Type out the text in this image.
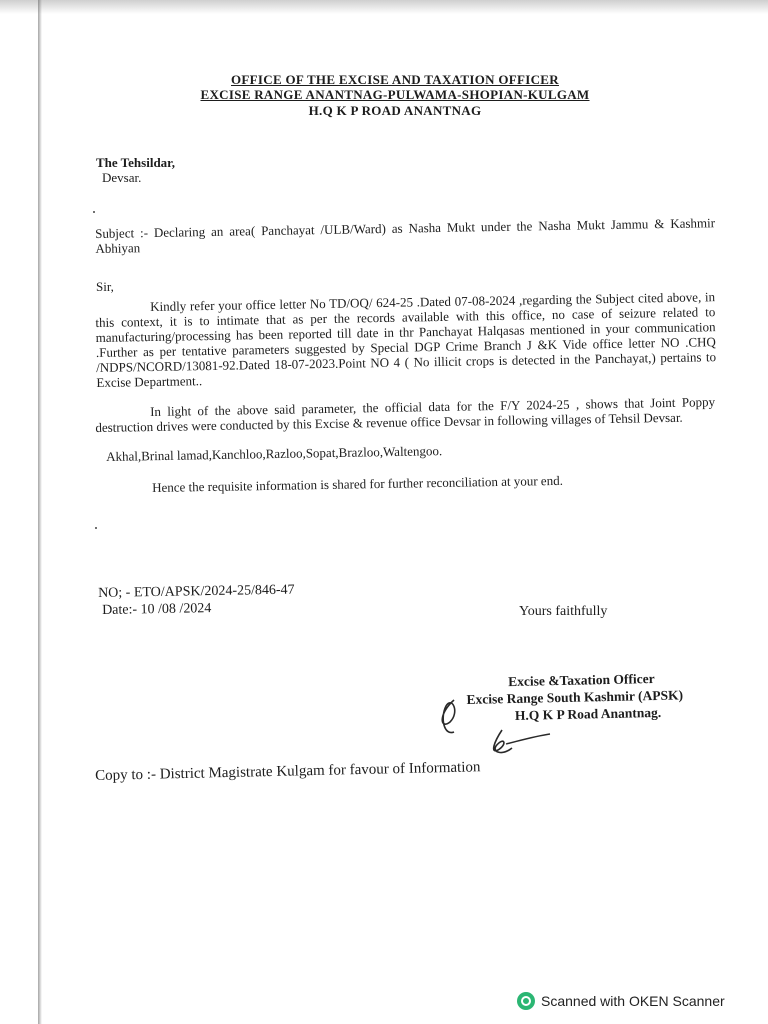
OFFICE OF THE EXCISE AND TAXATION OFFICER
EXCISE RANGE ANANTNAG-PULWAMA-SHOPIAN-KULGAM
H.Q K P ROAD ANANTNAG
The Tehsildar,
Devsar.
Subject :- Declaring an area( Panchayat /ULB/Ward) as Nasha Mukt under the Nasha Mukt Jammu & Kashmir Abhiyan
Sir,
Kindly refer your office letter No TD/OQ/ 624-25 .Dated 07-08-2024 ,regarding the Subject cited above, in this context, it is to intimate that as per the records available with this office, no case of seizure related to manufacturing/processing has been reported till date in thr Panchayat Halqasas mentioned in your communication .Further as per tentative parameters suggested by Special DGP Crime Branch J &K Vide office letter NO .CHQ /NDPS/NCORD/13081-92.Dated 18-07-2023.Point NO 4 ( No illicit crops is detected in the Panchayat,) pertains to Excise Department..
In light of the above said parameter, the official data for the F/Y 2024-25 , shows that Joint Poppy destruction drives were conducted by this Excise & revenue office Devsar in following villages of Tehsil Devsar.
Akhal,Brinal lamad,Kanchloo,Razloo,Sopat,Brazloo,Waltengoo.
Hence the requisite information is shared for further reconciliation at your end.
NO; - ETO/APSK/2024-25/846-47
Date:- 10 /08 /2024	Yours faithfully
Excise &Taxation Officer
Excise Range South Kashmir (APSK)
H.Q K P Road Anantnag.
Copy to :- District Magistrate Kulgam for favour of Information
Scanned with OKEN Scanner
